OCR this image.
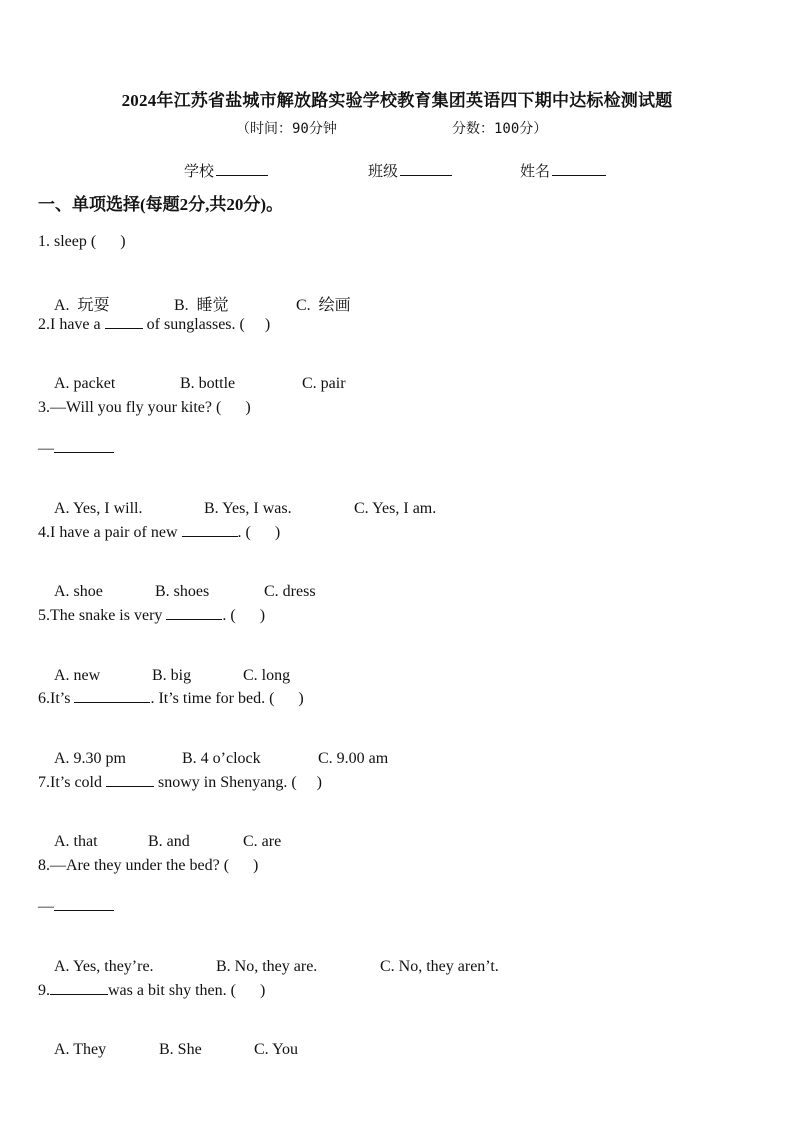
2024年江苏省盐城市解放路实验学校教育集团英语四下期中达标检测试题
（时间：90分钟	分数：100分）
学校	班级	姓名
一、单项选择(每题2分,共20分)。
1. sleep (      )

A.  玩耍	B.  睡觉	C.  绘画

2.I have a  of sunglasses. (     )

A. packet	B. bottle	C. pair

3.—Will you fly your kite? (      )
—

A. Yes, I will.	B. Yes, I was.	C. Yes, I am.

4.I have a pair of new	. (      )

A. shoe	B. shoes	C. dress

5.The snake is very	. (      )

A. new	B. big	C. long

6.It’s	. It’s time for bed. (      )

A. 9.30 pm	B. 4 o’clock	C. 9.00 am

7.It’s cold	snowy in Shenyang. (     )

A. that	B. and	C. are

8.—Are they under the bed? (      )
—

A. Yes, they’re.	B. No, they are.	C. No, they aren’t.

9.	was a bit shy then. (      )

A. They	B. She	C. You
